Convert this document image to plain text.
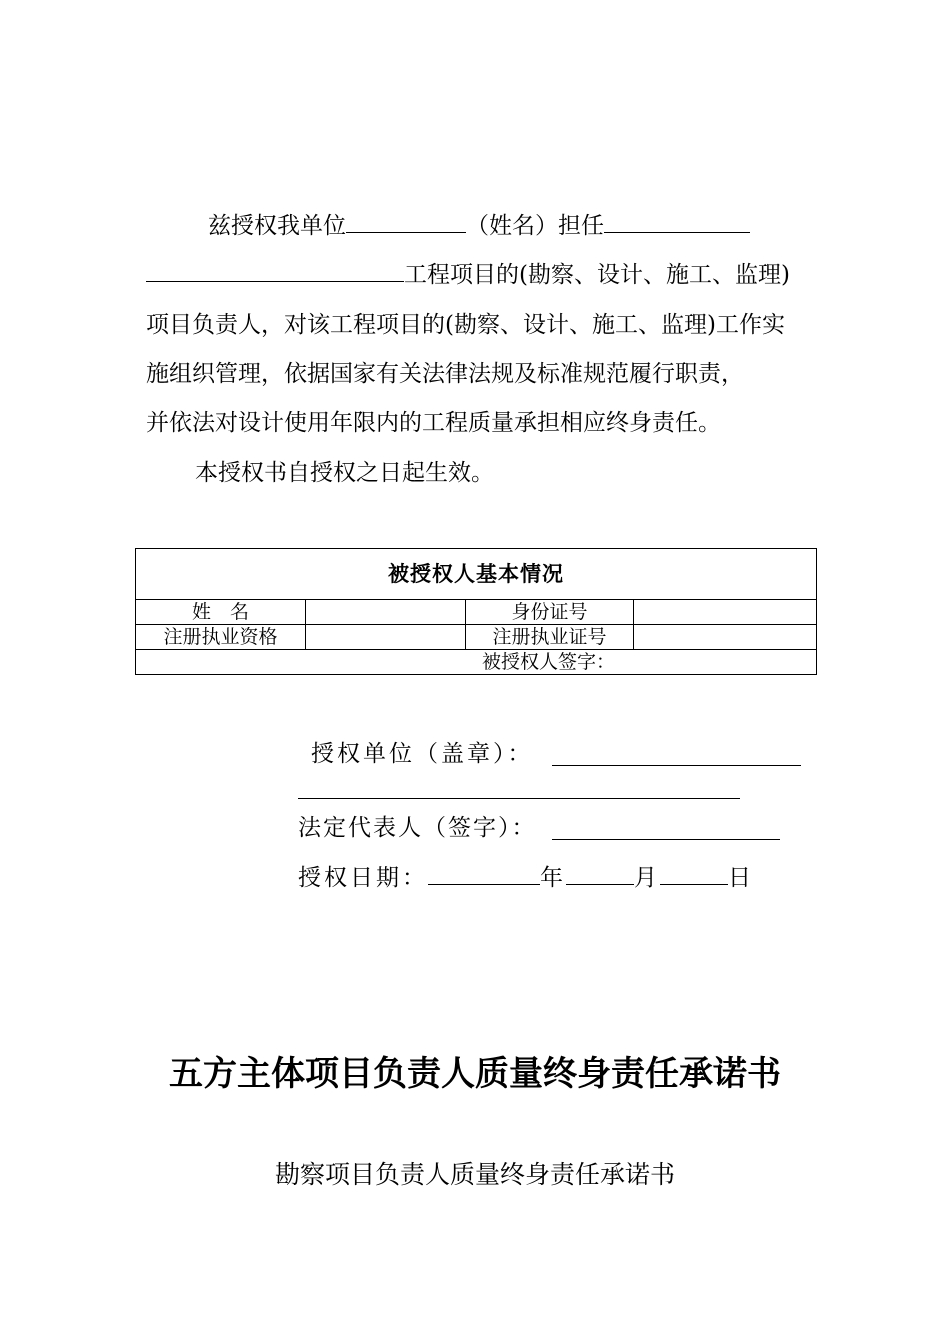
兹授权我单位	（姓名）担任
工程项目的(勘察、设计、施工、监理)
项目负责人，对该工程项目的(勘察、设计、施工、监理)工作实
施组织管理，依据国家有关法律法规及标准规范履行职责，
并依法对设计使用年限内的工程质量承担相应终身责任。
本授权书自授权之日起生效。
被授权人基本情况			
姓　名		身份证号	
注册执业资格		注册执业证号	
被授权人签字：			
授权单位（盖章）：
法定代表人（签字）：
授权日期：	年	月	日
五方主体项目负责人质量终身责任承诺书
勘察项目负责人质量终身责任承诺书
